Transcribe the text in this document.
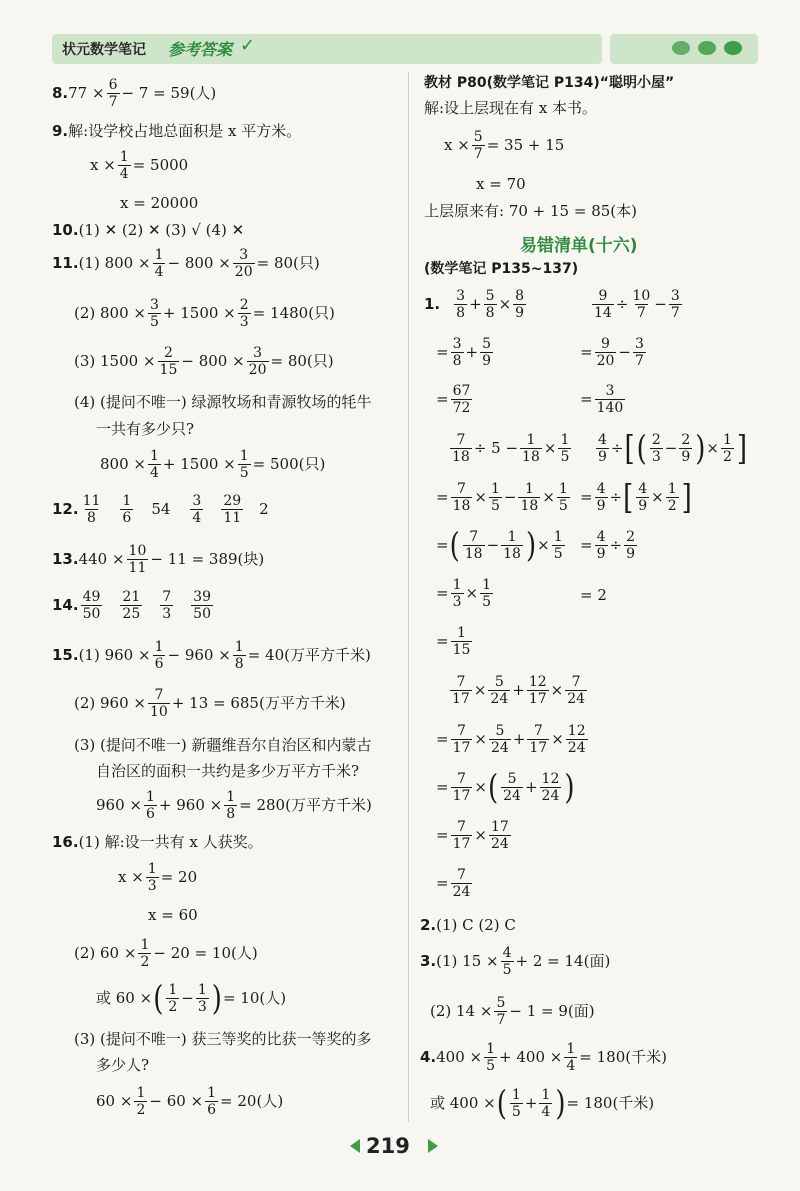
状元数学笔记 参考答案 ✓
8. $77 \times \frac{6}{7} - 7 = 59$(人)
9. 解:设学校占地总面积是 x 平方米。
$x \times \frac{1}{4} = 5000$
x = 20000
10. (1) ✕ (2) ✕ (3) √ (4) ✕
11. (1) $800 \times \frac{1}{4} - 800 \times \frac{3}{20} = 80$(只)
(2) $800 \times \frac{3}{5} + 1500 \times \frac{2}{3} = 1480$(只)
(3) $1500 \times \frac{2}{15} - 800 \times \frac{3}{20} = 80$(只)
(4) (提问不唯一) 绿源牧场和青源牧场的牦牛
一共有多少只?
$800 \times \frac{1}{4} + 1500 \times \frac{1}{5} = 500$(只)
12. 11
8
1
6 54 3
4
29
11 2
13. $440 \times \frac{10}{11} - 11 = 389$(块)
14. 49
50
21
25
7
3
39
50
15. (1) $960 \times \frac{1}{6} - 960 \times \frac{1}{8} = 40$(万平方千米)
(2) $960 \times \frac{7}{10} + 13 = 685$(万平方千米)
(3) (提问不唯一) 新疆维吾尔自治区和内蒙古
自治区的面积一共约是多少万平方千米?
$960 \times \frac{1}{6} + 960 \times \frac{1}{8} = 280$(万平方千米)
16. (1) 解:设一共有 x 人获奖。
$x \times \frac{1}{3} = 20$
x = 60
(2) $60 \times \frac{1}{2} - 20 = 10$(人)
或 60 × ( 1
$2 - \frac{1}{3}$ ) = 10(人)
(3) (提问不唯一) 获三等奖的比获一等奖的多
多少人?
$60 \times \frac{1}{2} - 60 \times \frac{1}{6} = 20$(人)
教材 P80(数学笔记 P134)“聪明小屋”
解:设上层现在有 x 本书。
$x \times \frac{5}{7} = 35 + 15$
x = 70
上层原来有: 70 + 15 = 85(本)
易错清单(十六)
(数学笔记 P135~137)
1. 3
$8 + \frac{5}{8} \times \frac{8}{9}$
= $\frac{3}{8} + \frac{5}{9}$
= $\frac{67}{72}$
$\frac{9}{14} \div \frac{10}{7} - \frac{3}{7}$
= $\frac{9}{20} - \frac{3}{7}$
= $\frac{3}{140}$
$\frac{7}{18} \div 5 - \frac{1}{18} \times \frac{1}{5}$
= $\frac{7}{18} \times \frac{1}{5} - \frac{1}{18} \times \frac{1}{5}$
= ( 7
$18 - \frac{1}{18}$ ) × $\frac{1}{5}$
= $\frac{1}{3} \times \frac{1}{5}$
= $\frac{1}{15}$
$\frac{4}{9}$ ÷ [ ( 2
$3 - \frac{2}{9}$ ) × $\frac{1}{2}$ ]
= $\frac{4}{9}$ ÷ [ $\frac{4}{9} \times \frac{1}{2}$ ]
= $\frac{4}{9} \div \frac{2}{9}$
= 2
$\frac{7}{17} \times \frac{5}{24} + \frac{12}{17} \times \frac{7}{24}$
= $\frac{7}{17} \times \frac{5}{24} + \frac{7}{17} \times \frac{12}{24}$
= $\frac{7}{17}$ × ( 5
$24 + \frac{12}{24}$ )
= $\frac{7}{17} \times \frac{17}{24}$
= $\frac{7}{24}$
2. (1) C (2) C
3. (1) $15 \times \frac{4}{5} + 2 = 14$(面)
(2) $14 \times \frac{5}{7} - 1 = 9$(面)
4. $400 \times \frac{1}{5} + 400 \times \frac{1}{4} = 180$(千米)
或 400 × ( 1
$5 + \frac{1}{4}$ ) = 180(千米)
219
